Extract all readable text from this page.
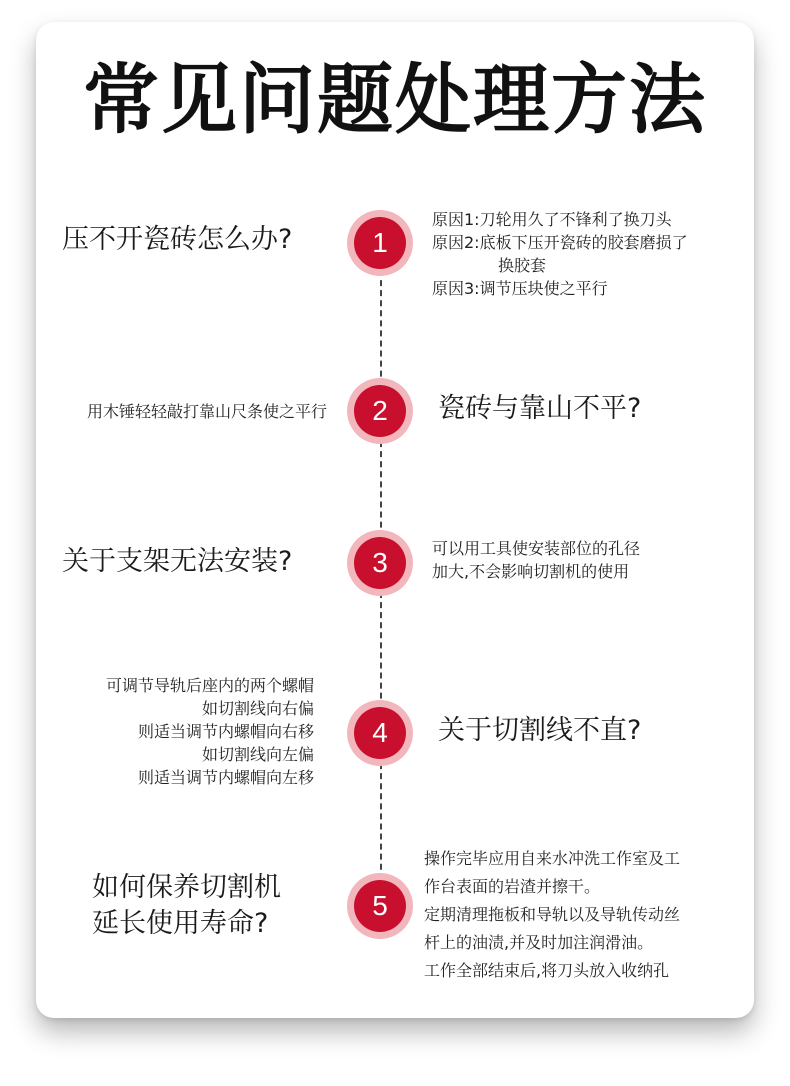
常见问题处理方法
1
压不开瓷砖怎么办?
原因1:刀轮用久了不锋利了换刀头
原因2:底板下压开瓷砖的胶套磨损了
换胶套
原因3:调节压块使之平行
2
用木锤轻轻敲打靠山尺条使之平行	瓷砖与靠山不平?
3
关于支架无法安装?	可以用工具使安装部位的孔径
加大,不会影响切割机的使用
4
可调节导轨后座内的两个螺帽
如切割线向右偏
则适当调节内螺帽向右移
如切割线向左偏
则适当调节内螺帽向左移
关于切割线不直?
5
如何保养切割机
延长使用寿命?
操作完毕应用自来水冲洗工作室及工
作台表面的岩渣并擦干。
定期清理拖板和导轨以及导轨传动丝
杆上的油渍,并及时加注润滑油。
工作全部结束后,将刀头放入收纳孔
